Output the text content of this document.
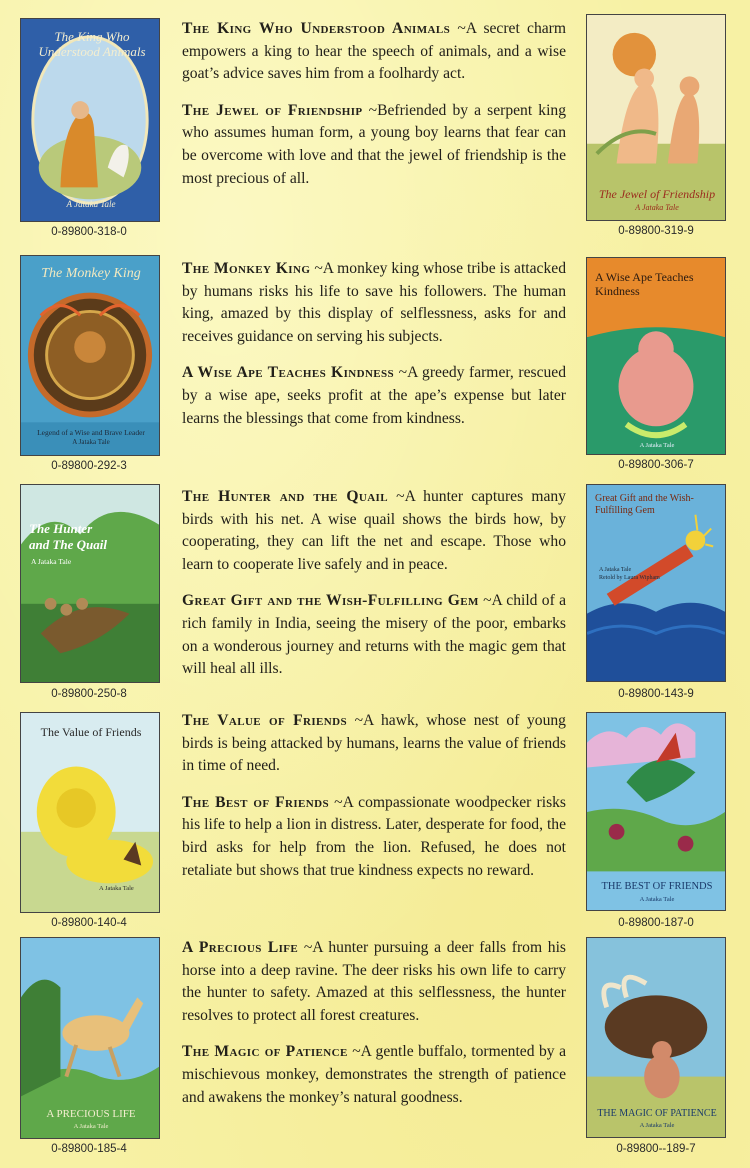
The King Who Understood Animals
A Jataka Tale
0-89800-318-0

The King Who Understood Animals ~A secret charm empowers a king to hear the speech of animals, and a wise goat’s advice saves him from a foolhardy act.

The Jewel of Friendship ~Befriended by a serpent king who assumes human form, a young boy learns that fear can be overcome with love and that the jewel of friendship is the most precious of all.

The Jewel of Friendship
A Jataka Tale
0-89800-319-9
The Monkey King
Legend of a Wise and Brave Leader
A Jataka Tale
0-89800-292-3

The Monkey King ~A monkey king whose tribe is attacked by humans risks his life to save his followers. The human king, amazed by this display of selflessness, asks for and receives guidance on serving his subjects.

A Wise Ape Teaches Kindness ~A greedy farmer, rescued by a wise ape, seeks profit at the ape’s expense but later learns the blessings that come from kindness.

A Wise Ape Teaches Kindness
A Jataka Tale
0-89800-306-7
The Hunter and The Quail
A Jataka Tale
0-89800-250-8

The Hunter and the Quail ~A hunter captures many birds with his net. A wise quail shows the birds how, by cooperating, they can lift the net and escape. Those who learn to cooperate live safely and in peace.

Great Gift and the Wish-Fulfilling Gem ~A child of a rich family in India, seeing the misery of the poor, embarks on a wonderous journey and returns with the magic gem that will heal all ills.

Great Gift and the Wish-Fulfilling Gem
A Jataka Tale
Retold by Laura Wipham
0-89800-143-9
The Value of Friends
A Jataka Tale
0-89800-140-4

The Value of Friends ~A hawk, whose nest of young birds is being attacked by humans, learns the value of friends in time of need.

The Best of Friends ~A compassionate woodpecker risks his life to help a lion in distress. Later, desperate for food, the bird asks for help from the lion. Refused, he does not retaliate but shows that true kindness expects no reward.

THE BEST OF FRIENDS
A Jataka Tale
0-89800-187-0
A PRECIOUS LIFE
A Jataka Tale
0-89800-185-4

A Precious Life ~A hunter pursuing a deer falls from his horse into a deep ravine. The deer risks his own life to carry the hunter to safety. Amazed at this selflessness, the hunter resolves to protect all forest creatures.

The Magic of Patience ~A gentle buffalo, tormented by a mischievous monkey, demonstrates the strength of patience and awakens the monkey’s natural goodness.

THE MAGIC OF PATIENCE
A Jataka Tale
0-89800--189-7
